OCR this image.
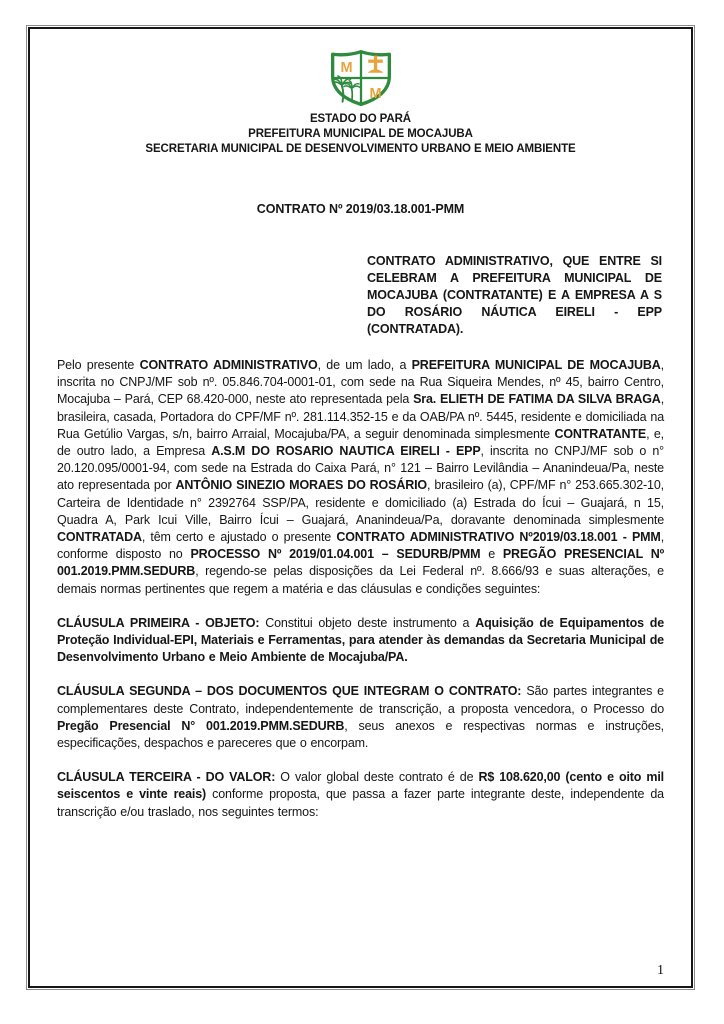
M
M
ESTADO DO PARÁ
PREFEITURA MUNICIPAL DE MOCAJUBA
SECRETARIA MUNICIPAL DE DESENVOLVIMENTO URBANO E MEIO AMBIENTE
CONTRATO Nº 2019/03.18.001-PMM

CONTRATO ADMINISTRATIVO, QUE ENTRE SI CELEBRAM A PREFEITURA MUNICIPAL DE MOCAJUBA (CONTRATANTE) E A EMPRESA A S DO ROSÁRIO NÁUTICA EIRELI - EPP (CONTRATADA).

Pelo presente CONTRATO ADMINISTRATIVO, de um lado, a PREFEITURA MUNICIPAL DE MOCAJUBA, inscrita no CNPJ/MF sob nº. 05.846.704-0001-01, com sede na Rua Siqueira Mendes, nº 45, bairro Centro, Mocajuba – Pará, CEP 68.420-000, neste ato representada pela Sra. ELIETH DE FATIMA DA SILVA BRAGA, brasileira, casada, Portadora do CPF/MF nº. 281.114.352-15 e da OAB/PA nº. 5445, residente e domiciliada na Rua Getúlio Vargas, s/n, bairro Arraial, Mocajuba/PA, a seguir denominada simplesmente CONTRATANTE, e, de outro lado, a Empresa A.S.M DO ROSARIO NAUTICA EIRELI - EPP, inscrita no CNPJ/MF sob o n° 20.120.095/0001-94, com sede na Estrada do Caixa Pará, n° 121 – Bairro Levilândia – Ananindeua/Pa, neste ato representada por ANTÔNIO SINEZIO MORAES DO ROSÁRIO, brasileiro (a), CPF/MF n° 253.665.302-10, Carteira de Identidade n° 2392764 SSP/PA, residente e domiciliado (a) Estrada do Ícui – Guajará, n 15, Quadra A, Park Icui Ville, Bairro Ícui – Guajará, Ananindeua/Pa, doravante denominada simplesmente CONTRATADA, têm certo e ajustado o presente CONTRATO ADMINISTRATIVO Nº2019/03.18.001 - PMM, conforme disposto no PROCESSO Nº 2019/01.04.001 – SEDURB/PMM e PREGÃO PRESENCIAL Nº 001.2019.PMM.SEDURB, regendo-se pelas disposições da Lei Federal nº. 8.666/93 e suas alterações, e demais normas pertinentes que regem a matéria e das cláusulas e condições seguintes:

CLÁUSULA PRIMEIRA - OBJETO: Constitui objeto deste instrumento a Aquisição de Equipamentos de Proteção Individual-EPI, Materiais e Ferramentas, para atender às demandas da Secretaria Municipal de Desenvolvimento Urbano e Meio Ambiente de Mocajuba/PA.

CLÁUSULA SEGUNDA – DOS DOCUMENTOS QUE INTEGRAM O CONTRATO: São partes integrantes e complementares deste Contrato, independentemente de transcrição, a proposta vencedora, o Processo do Pregão Presencial N° 001.2019.PMM.SEDURB, seus anexos e respectivas normas e instruções, especificações, despachos e pareceres que o encorpam.

CLÁUSULA TERCEIRA - DO VALOR: O valor global deste contrato é de R$ 108.620,00 (cento e oito mil seiscentos e vinte reais) conforme proposta, que passa a fazer parte integrante deste, independente da transcrição e/ou traslado, nos seguintes termos:

1
